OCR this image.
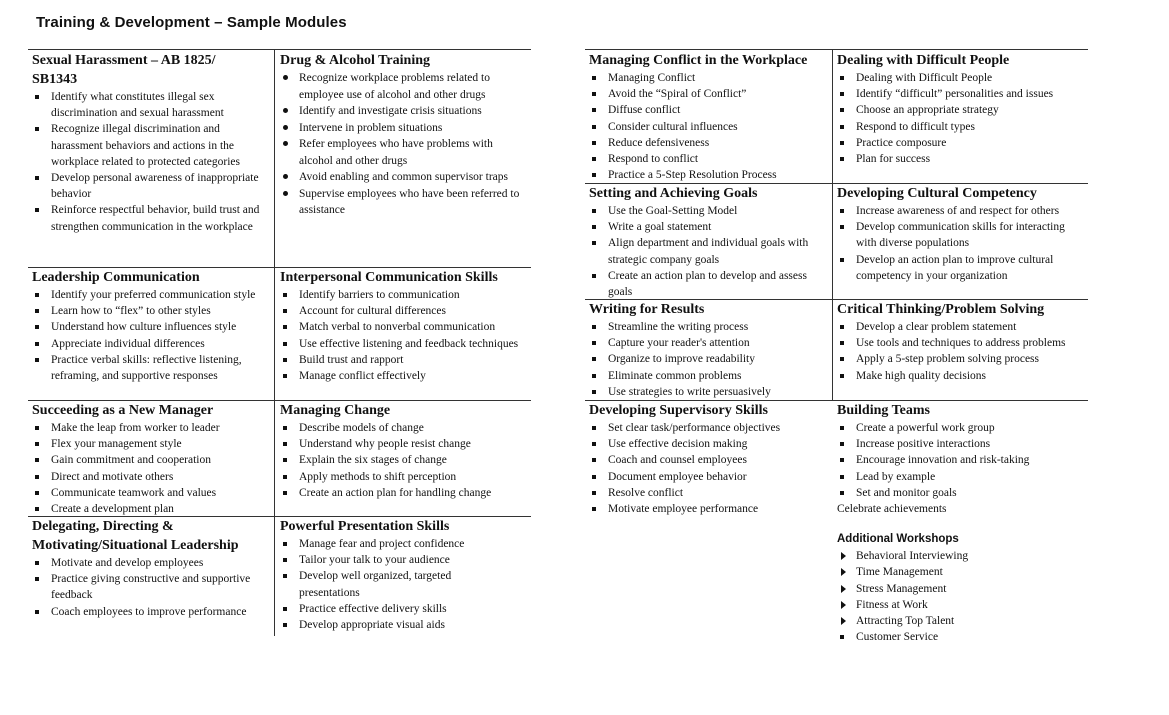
Training & Development – Sample Modules
Sexual Harassment – AB 1825/ SB1343
Identify what constitutes illegal sex discrimination and sexual harassment
Recognize illegal discrimination and harassment behaviors and actions in the workplace related to protected categories
Develop personal awareness of inappropriate behavior
Reinforce respectful behavior, build trust and strengthen communication in the workplace
Drug & Alcohol Training
Recognize workplace problems related to employee use of alcohol and other drugs
Identify and investigate crisis situations
Intervene in problem situations
Refer employees who have problems with alcohol and other drugs
Avoid enabling and common supervisor traps
Supervise employees who have been referred to assistance
Leadership Communication
Identify your preferred communication style
Learn how to “flex” to other styles
Understand how culture influences style
Appreciate individual differences
Practice verbal skills: reflective listening, reframing, and supportive responses
Interpersonal Communication Skills
Identify barriers to communication
Account for cultural differences
Match verbal to nonverbal communication
Use effective listening and feedback techniques
Build trust and rapport
Manage conflict effectively
Succeeding as a New Manager
Make the leap from worker to leader
Flex your management style
Gain commitment and cooperation
Direct and motivate others
Communicate teamwork and values
Create a development plan
Managing Change
Describe models of change
Understand why people resist change
Explain the six stages of change
Apply methods to shift perception
Create an action plan for handling change
Delegating, Directing & Motivating/Situational Leadership
Motivate and develop employees
Practice giving constructive and supportive feedback
Coach employees to improve performance
Powerful Presentation Skills
Manage fear and project confidence
Tailor your talk to your audience
Develop well organized, targeted presentations
Practice effective delivery skills
Develop appropriate visual aids
Managing Conflict in the Workplace
Managing Conflict
Avoid the “Spiral of Conflict”
Diffuse conflict
Consider cultural influences
Reduce defensiveness
Respond to conflict
Practice a 5-Step Resolution Process
Dealing with Difficult People
Dealing with Difficult People
Identify “difficult” personalities and issues
Choose an appropriate strategy
Respond to difficult types
Practice composure
Plan for success
Setting and Achieving Goals
Use the Goal-Setting Model
Write a goal statement
Align department and individual goals with strategic company goals
Create an action plan to develop and assess goals
Developing Cultural Competency
Increase awareness of and respect for others
Develop communication skills for interacting with diverse populations
Develop an action plan to improve cultural competency in your organization
Writing for Results
Streamline the writing process
Capture your reader's attention
Organize to improve readability
Eliminate common problems
Use strategies to write persuasively
Critical Thinking/Problem Solving
Develop a clear problem statement
Use tools and techniques to address problems
Apply a 5-step problem solving process
Make high quality decisions
Developing Supervisory Skills
Set clear task/performance objectives
Use effective decision making
Coach and counsel employees
Document employee behavior
Resolve conflict
Motivate employee performance
Building Teams
Create a powerful work group
Increase positive interactions
Encourage innovation and risk-taking
Lead by example
Set and monitor goals
Celebrate achievements
Additional Workshops
Behavioral Interviewing
Time Management
Stress Management
Fitness at Work
Attracting Top Talent
Customer Service
